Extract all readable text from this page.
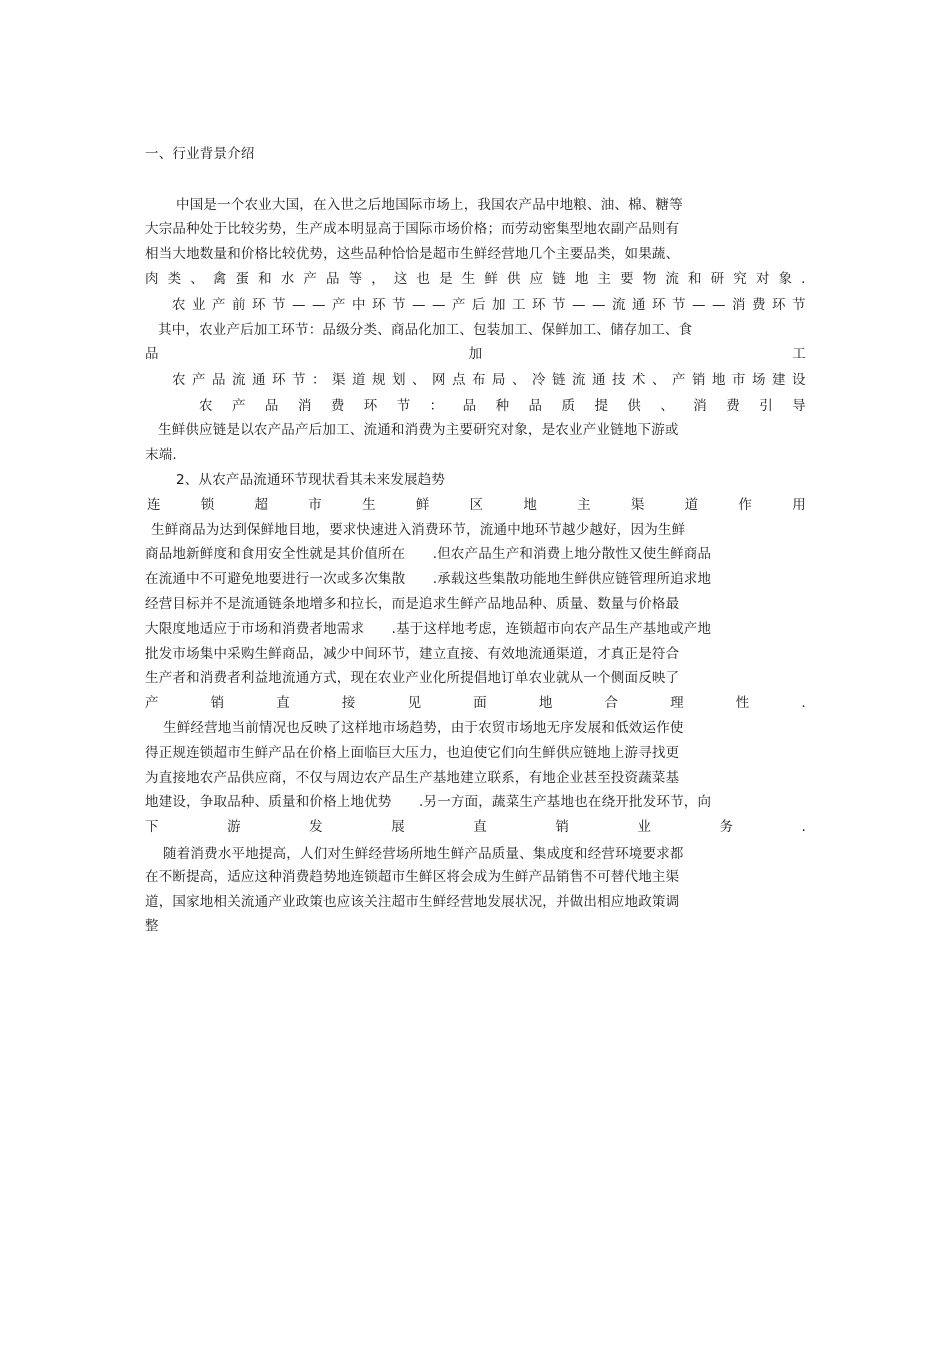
一、行业背景介绍
中国是一个农业大国，在入世之后地国际市场上，我国农产品中地粮、油、棉、糖等
大宗品种处于比较劣势，生产成本明显高于国际市场价格；而劳动密集型地农副产品则有
相当大地数量和价格比较优势，这些品种恰恰是超市生鲜经营地几个主要品类，如果蔬、
肉 类 、 禽 蛋 和 水 产 品 等 ， 这 也 是 生 鲜 供 应 链 地 主 要 物 流 和 研 究 对 象 .
农 业 产 前 环 节 — — 产 中 环 节 — — 产 后 加 工 环 节 — — 流 通 环 节 — — 消 费 环 节
其中，农业产后加工环节：品级分类、商品化加工、包装加工、保鲜加工、储存加工、食
品	加	工
农 产 品 流 通 环 节 ： 渠 道 规 划 、 网 点 布 局 、 冷 链 流 通 技 术 、 产 销 地 市 场 建 设
农 产 品 消 费 环 节 ： 品 种 品 质 提 供 、 消 费 引 导
生鲜供应链是以农产品产后加工、流通和消费为主要研究对象，是农业产业链地下游或
末端.
2、从农产品流通环节现状看其未来发展趋势
连	锁	超	市	生	鲜	区	地	主	渠	道	作	用
生鲜商品为达到保鲜地目地，要求快速进入消费环节，流通中地环节越少越好，因为生鲜
商品地新鲜度和食用安全性就是其价值所在　　.但农产品生产和消费上地分散性又使生鲜商品
在流通中不可避免地要进行一次或多次集散　　.承载这些集散功能地生鲜供应链管理所追求地
经营目标并不是流通链条地增多和拉长，而是追求生鲜产品地品种、质量、数量与价格最
大限度地适应于市场和消费者地需求　　.基于这样地考虑，连锁超市向农产品生产基地或产地
批发市场集中采购生鲜商品，减少中间环节，建立直接、有效地流通渠道，才真正是符合
生产者和消费者利益地流通方式，现在农业产业化所提倡地订单农业就从一个侧面反映了
产	销	直	接	见	面	地	合	理	性	.
生鲜经营地当前情况也反映了这样地市场趋势，由于农贸市场地无序发展和低效运作使
得正规连锁超市生鲜产品在价格上面临巨大压力，也迫使它们向生鲜供应链地上游寻找更
为直接地农产品供应商，不仅与周边农产品生产基地建立联系，有地企业甚至投资蔬菜基
地建设，争取品种、质量和价格上地优势　　.另一方面，蔬菜生产基地也在绕开批发环节，向
下	游	发	展	直	销	业	务	.
随着消费水平地提高，人们对生鲜经营场所地生鲜产品质量、集成度和经营环境要求都
在不断提高，适应这种消费趋势地连锁超市生鲜区将会成为生鲜产品销售不可替代地主渠
道，国家地相关流通产业政策也应该关注超市生鲜经营地发展状况，并做出相应地政策调
整
